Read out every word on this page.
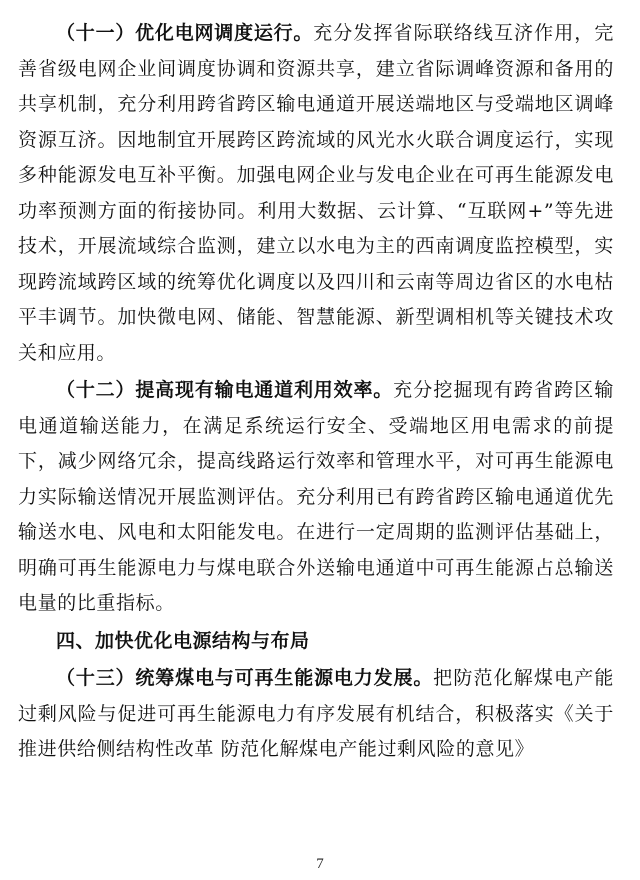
（十一）优化电网调度运行。充分发挥省际联络线互济作用，完善省级电网企业间调度协调和资源共享，建立省际调峰资源和备用的共享机制，充分利用跨省跨区输电通道开展送端地区与受端地区调峰资源互济。因地制宜开展跨区跨流域的风光水火联合调度运行，实现多种能源发电互补平衡。加强电网企业与发电企业在可再生能源发电功率预测方面的衔接协同。利用大数据、云计算、“互联网+”等先进技术，开展流域综合监测，建立以水电为主的西南调度监控模型，实现跨流域跨区域的统筹优化调度以及四川和云南等周边省区的水电枯平丰调节。加快微电网、储能、智慧能源、新型调相机等关键技术攻关和应用。

（十二）提高现有输电通道利用效率。充分挖掘现有跨省跨区输电通道输送能力，在满足系统运行安全、受端地区用电需求的前提下，减少网络冗余，提高线路运行效率和管理水平，对可再生能源电力实际输送情况开展监测评估。充分利用已有跨省跨区输电通道优先输送水电、风电和太阳能发电。在进行一定周期的监测评估基础上，明确可再生能源电力与煤电联合外送输电通道中可再生能源占总输送电量的比重指标。

四、加快优化电源结构与布局

（十三）统筹煤电与可再生能源电力发展。把防范化解煤电产能过剩风险与促进可再生能源电力有序发展有机结合，积极落实《关于推进供给侧结构性改革 防范化解煤电产能过剩风险的意见》

7
